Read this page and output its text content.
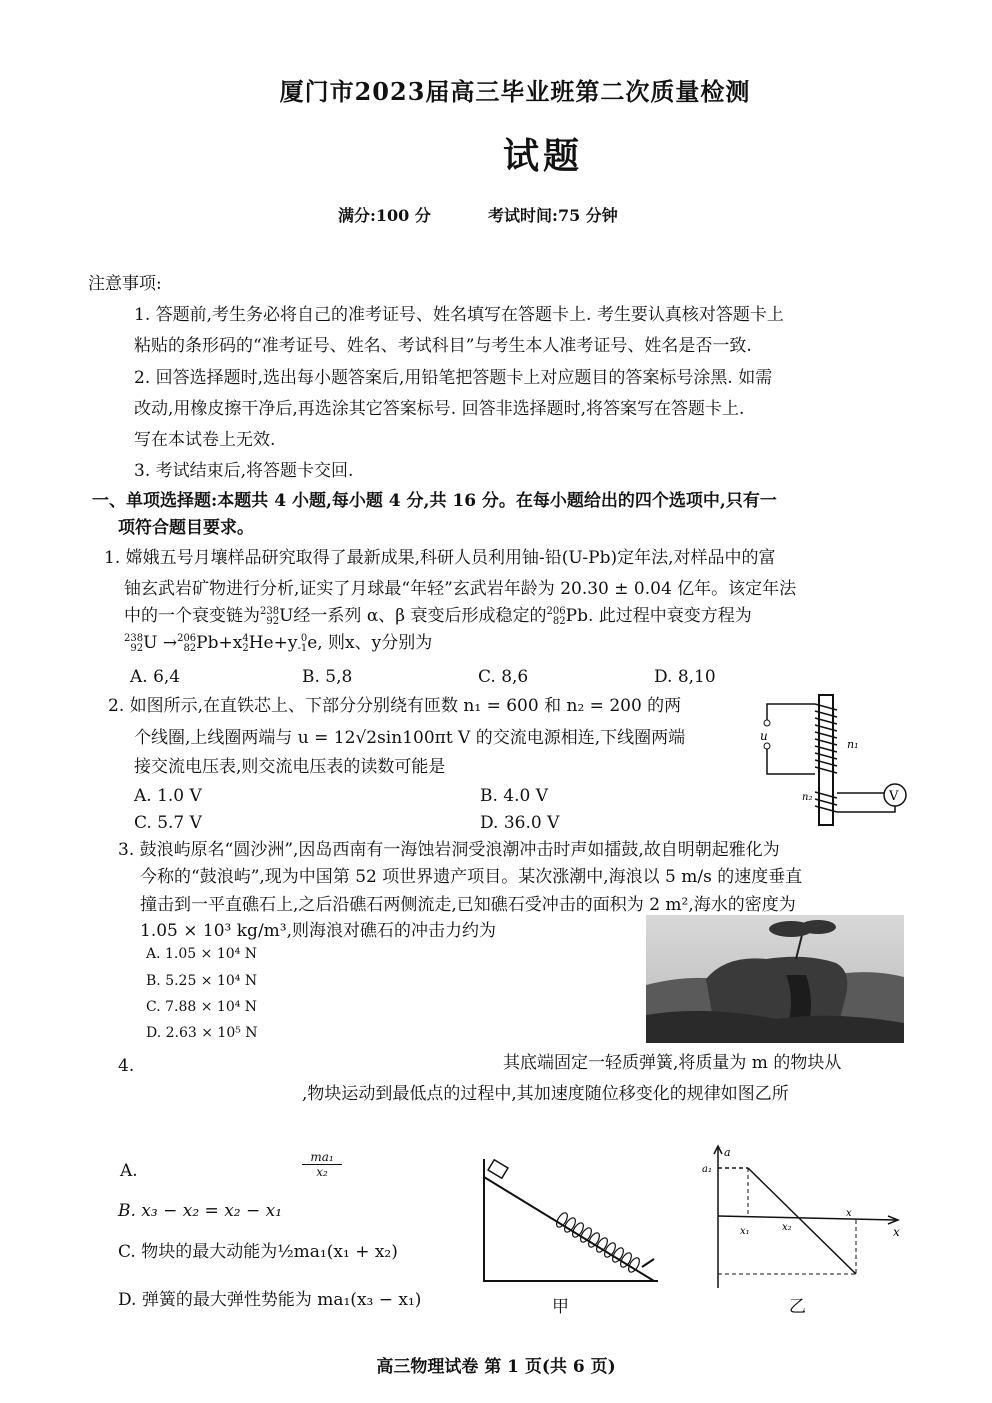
厦门市2023届高三毕业班第二次质量检测
试题
满分:100 分	考试时间:75 分钟
注意事项:
1. 答题前,考生务必将自己的准考证号、姓名填写在答题卡上. 考生要认真核对答题卡上
粘贴的条形码的“准考证号、姓名、考试科目”与考生本人准考证号、姓名是否一致.
2. 回答选择题时,选出每小题答案后,用铅笔把答题卡上对应题目的答案标号涂黑. 如需
改动,用橡皮擦干净后,再选涂其它答案标号. 回答非选择题时,将答案写在答题卡上.
写在本试卷上无效.
3. 考试结束后,将答题卡交回.
一、单项选择题:本题共 4 小题,每小题 4 分,共 16 分。在每小题给出的四个选项中,只有一
项符合题目要求。
1. 嫦娥五号月壤样品研究取得了最新成果,科研人员利用铀-铅(U-Pb)定年法,对样品中的富
铀玄武岩矿物进行分析,证实了月球最“年轻”玄武岩年龄为 20.30 ± 0.04 亿年。该定年法
中的一个衰变链为238
92U经一系列 α、β 衰变后形成稳定的206
82Pb. 此过程中衰变方程为
238
92U →206
82Pb+x4
2He+y 0
-1e, 则x、y分别为
A. 6,4	B. 5,8	C. 8,6	D. 8,10
2. 如图所示,在直铁芯上、下部分分别绕有匝数 n₁ = 600 和 n₂ = 200 的两
个线圈,上线圈两端与 u = 12√2sin100πt V 的交流电源相连,下线圈两端
接交流电压表,则交流电压表的读数可能是
A. 1.0 V	B. 4.0 V
C. 5.7 V	D. 36.0 V
u
n₁
n₂	V
3. 鼓浪屿原名“圆沙洲”,因岛西南有一海蚀岩洞受浪潮冲击时声如擂鼓,故自明朝起雅化为
今称的“鼓浪屿”,现为中国第 52 项世界遗产项目。某次涨潮中,海浪以 5 m/s 的速度垂直
撞击到一平直礁石上,之后沿礁石两侧流走,已知礁石受冲击的面积为 2 m²,海水的密度为
1.05 × 10³ kg/m³,则海浪对礁石的冲击力约为
A. 1.05 × 10⁴ N
B. 5.25 × 10⁴ N
C. 7.88 × 10⁴ N
D. 2.63 × 10⁵ N
4.	其底端固定一轻质弹簧,将质量为 m 的物块从
,物块运动到最低点的过程中,其加速度随位移变化的规律如图乙所
A.
ma₁
x₂
B. x₃ − x₂ = x₂ − x₁
C. 物块的最大动能为½ma₁(x₁ + x₂)
D. 弹簧的最大弹性势能为 ma₁(x₃ − x₁)	甲
a
a₁
x₁	x₂
x
x
乙
高三物理试卷 第 1 页(共 6 页)
